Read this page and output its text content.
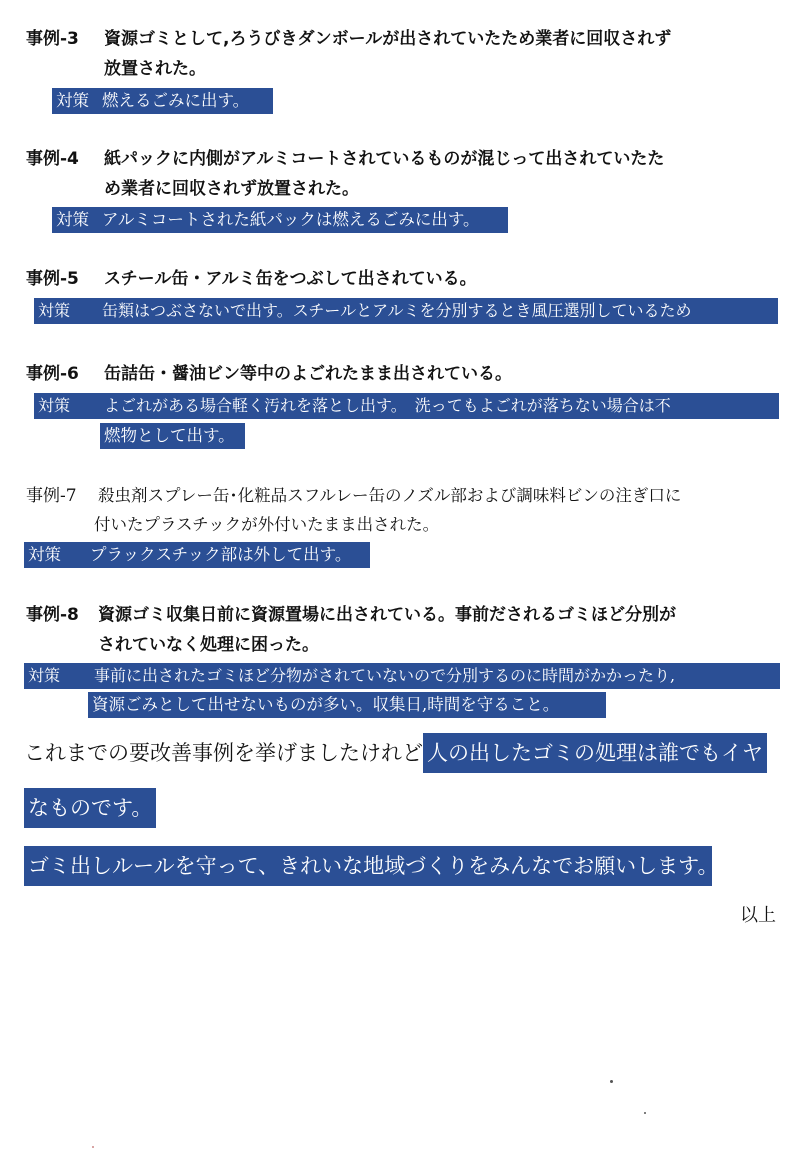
事例-3 資源ゴミとして,ろうびきダンボールが出されていたため業者に回収されず
放置された。
対策 燃えるごみに出す。
事例-4 紙パックに内側がアルミコートされているものが混じって出されていたた
め業者に回収されず放置された。
対策 アルミコートされた紙パックは燃えるごみに出す。
事例-5 スチール缶・アルミ缶をつぶして出されている。
対策 缶類はつぶさないで出す。スチールとアルミを分別するとき風圧選別しているため
事例-6 缶詰缶・醤油ビン等中のよごれたまま出されている。
対策 よごれがある場合軽く汚れを落とし出す。　洗ってもよごれが落ちない場合は不
燃物として出す。
事例-7 殺虫剤スプレー缶･化粧品スフルレー缶のノズル部および調味料ビンの注ぎ口に
付いたプラスチックが外付いたまま出された。
対策 プラックスチック部は外して出す。
事例-8 資源ゴミ収集日前に資源置場に出されている。事前だされるゴミほど分別が
されていなく処理に困った。
対策 事前に出されたゴミほど分物がされていないので分別するのに時間がかかったり,
資源ごみとして出せないものが多い。収集日,時間を守ること。
これまでの要改善事例を挙げましたけれど 人の出したゴミの処理は誰でもイヤ
なものです。
ゴミ出しルールを守って、きれいな地域づくりをみんなでお願いします。
以上
